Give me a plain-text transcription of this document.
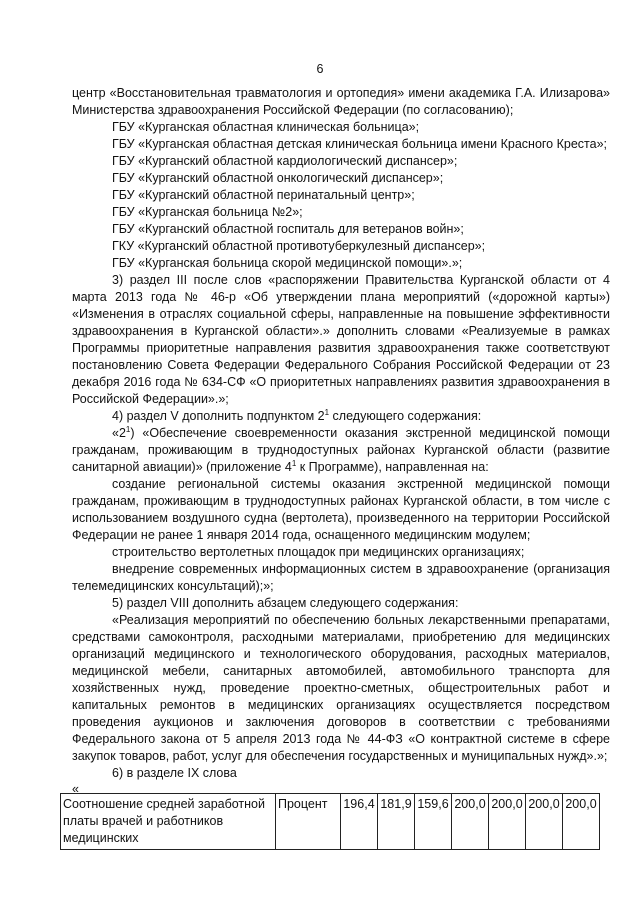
6

центр «Восстановительная травматология и ортопедия» имени академика Г.А. Илизарова» Министерства здравоохранения Российской Федерации (по согласованию);

ГБУ «Курганская областная клиническая больница»;

ГБУ «Курганская областная детская клиническая больница имени Красного Креста»;

ГБУ «Курганский областной кардиологический диспансер»;

ГБУ «Курганский областной онкологический диспансер»;

ГБУ «Курганский областной перинатальный центр»;

ГБУ «Курганская больница №2»;

ГБУ «Курганский областной госпиталь для ветеранов войн»;

ГКУ «Курганский областной противотуберкулезный диспансер»;

ГБУ «Курганская больница скорой медицинской помощи».»;

3) раздел III после слов «распоряжении Правительства Курганской области от 4 марта 2013 года № 46-р «Об утверждении плана мероприятий («дорожной карты») «Изменения в отраслях социальной сферы, направленные на повышение эффективности здравоохранения в Курганской области».» дополнить словами «Реализуемые в рамках Программы приоритетные направления развития здравоохранения также соответствуют постановлению Совета Федерации Федерального Собрания Российской Федерации от 23 декабря 2016 года № 634-СФ «О приоритетных направлениях развития здравоохранения в Российской Федерации».»;

4) раздел V дополнить подпунктом $2^1$ следующего содержания:

«$2^1$) «Обеспечение своевременности оказания экстренной медицинской помощи гражданам, проживающим в труднодоступных районах Курганской области (развитие санитарной авиации)» (приложение $4^1$ к Программе), направленная на:

создание региональной системы оказания экстренной медицинской помощи гражданам, проживающим в труднодоступных районах Курганской области, в том числе с использованием воздушного судна (вертолета), произведенного на территории Российской Федерации не ранее 1 января 2014 года, оснащенного медицинским модулем;

строительство вертолетных площадок при медицинских организациях;

внедрение современных информационных систем в здравоохранение (организация телемедицинских консультаций);»;

5) раздел VIII дополнить абзацем следующего содержания:

«Реализация мероприятий по обеспечению больных лекарственными препаратами, средствами самоконтроля, расходными материалами, приобретению для медицинских организаций медицинского и технологического оборудования, расходных материалов, медицинской мебели, санитарных автомобилей, автомобильного транспорта для хозяйственных нужд, проведение проектно-сметных, общестроительных работ и капитальных ремонтов в медицинских организациях осуществляется посредством проведения аукционов и заключения договоров в соответствии с требованиями Федерального закона от 5 апреля 2013 года № 44-ФЗ «О контрактной системе в сфере закупок товаров, работ, услуг для обеспечения государственных и муниципальных нужд».»;

6) в разделе IX слова

«
Соотношение средней заработной платы врачей и работников медицинских	Процент	196,4	181,9	159,6	200,0	200,0	200,0	200,0
